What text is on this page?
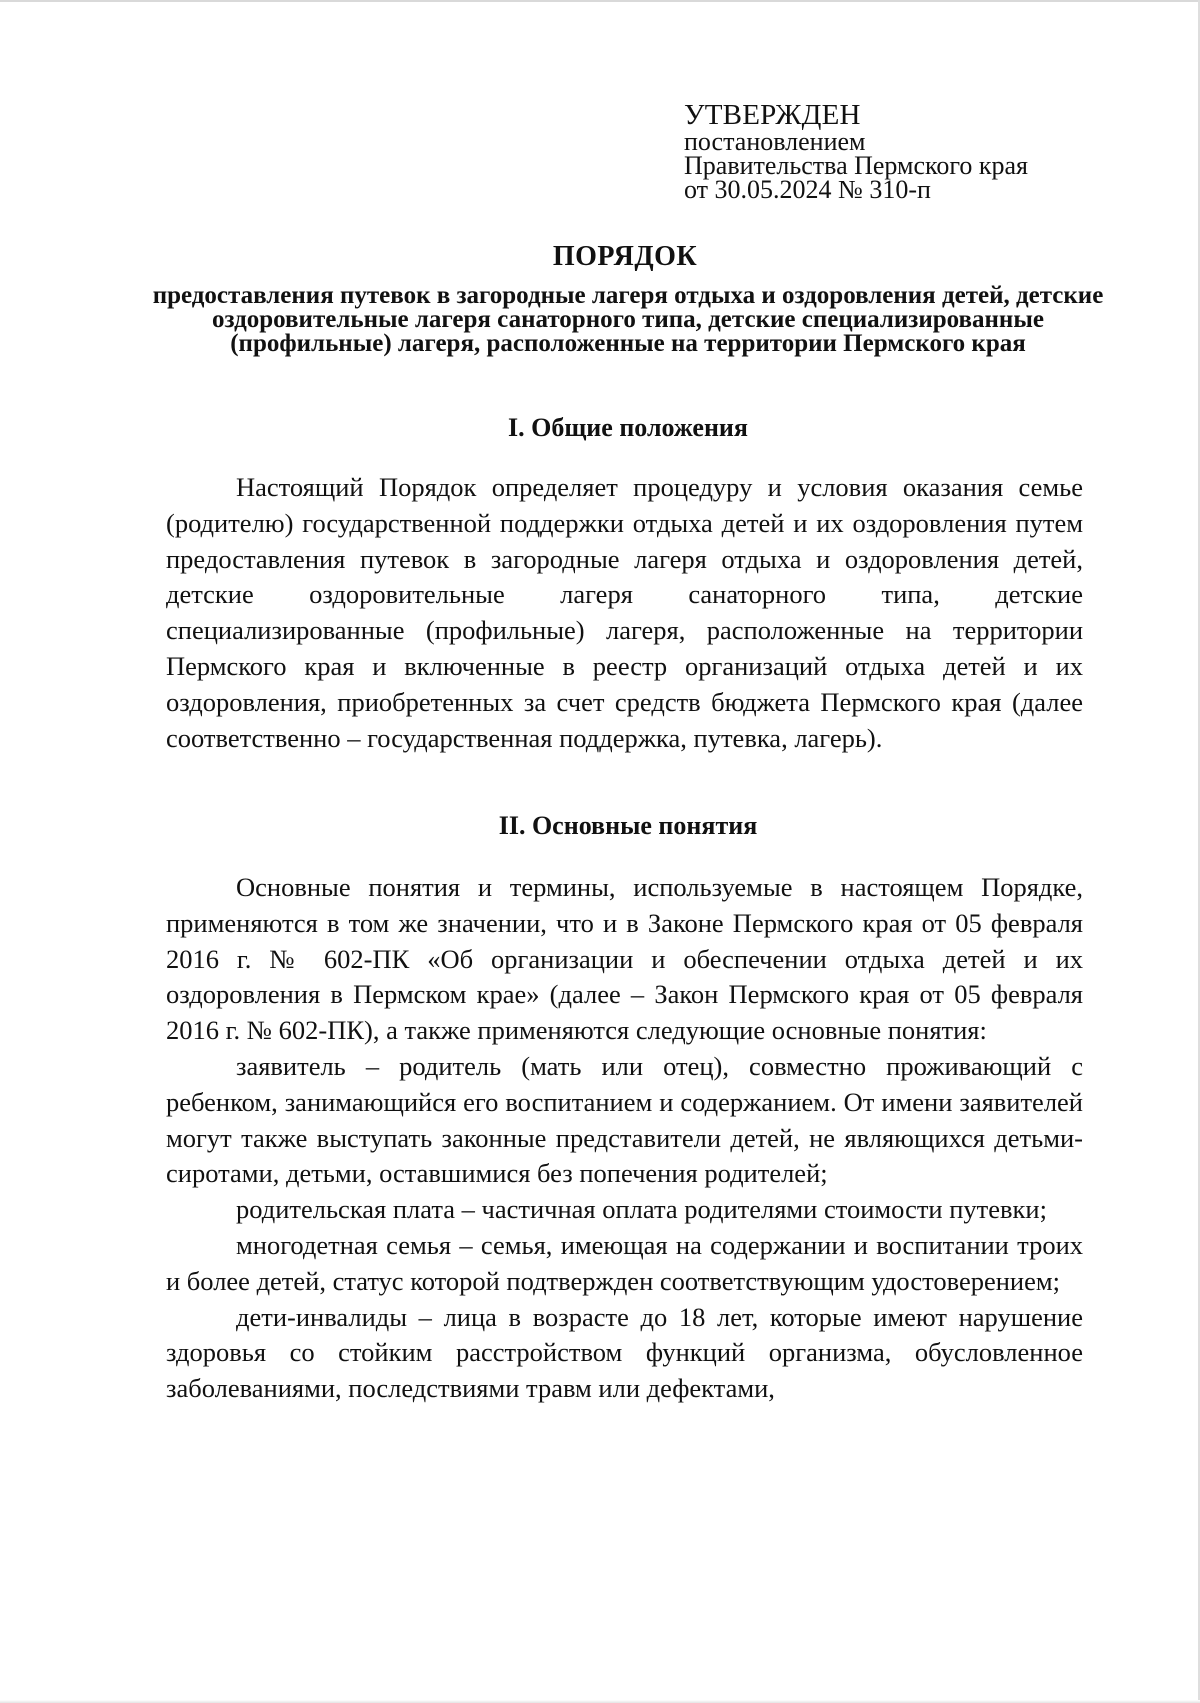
УТВЕРЖДЕН
постановлением
Правительства Пермского края
от 30.05.2024 № 310-п
ПОРЯДОК
предоставления путевок в загородные лагеря отдыха и оздоровления детей, детские оздоровительные лагеря санаторного типа, детские специализированные (профильные) лагеря, расположенные на территории Пермского края
I. Общие положения

Настоящий Порядок определяет процедуру и условия оказания семье (родителю) государственной поддержки отдыха детей и их оздоровления путем предоставления путевок в загородные лагеря отдыха и оздоровления детей, детские оздоровительные лагеря санаторного типа, детские специализированные (профильные) лагеря, расположенные на территории Пермского края и включенные в реестр организаций отдыха детей и их оздоровления, приобретенных за счет средств бюджета Пермского края (далее соответственно – государственная поддержка, путевка, лагерь).

II. Основные понятия

Основные понятия и термины, используемые в настоящем Порядке, применяются в том же значении, что и в Законе Пермского края от 05 февраля 2016 г. № 602-ПК «Об организации и обеспечении отдыха детей и их оздоровления в Пермском крае» (далее – Закон Пермского края от 05 февраля 2016 г. № 602-ПК), а также применяются следующие основные понятия:

заявитель – родитель (мать или отец), совместно проживающий с ребенком, занимающийся его воспитанием и содержанием. От имени заявителей могут также выступать законные представители детей, не являющихся детьми-сиротами, детьми, оставшимися без попечения родителей;

родительская плата – частичная оплата родителями стоимости путевки;

многодетная семья – семья, имеющая на содержании и воспитании троих и более детей, статус которой подтвержден соответствующим удостоверением;

дети-инвалиды – лица в возрасте до 18 лет, которые имеют нарушение здоровья со стойким расстройством функций организма, обусловленное заболеваниями, последствиями травм или дефектами,
